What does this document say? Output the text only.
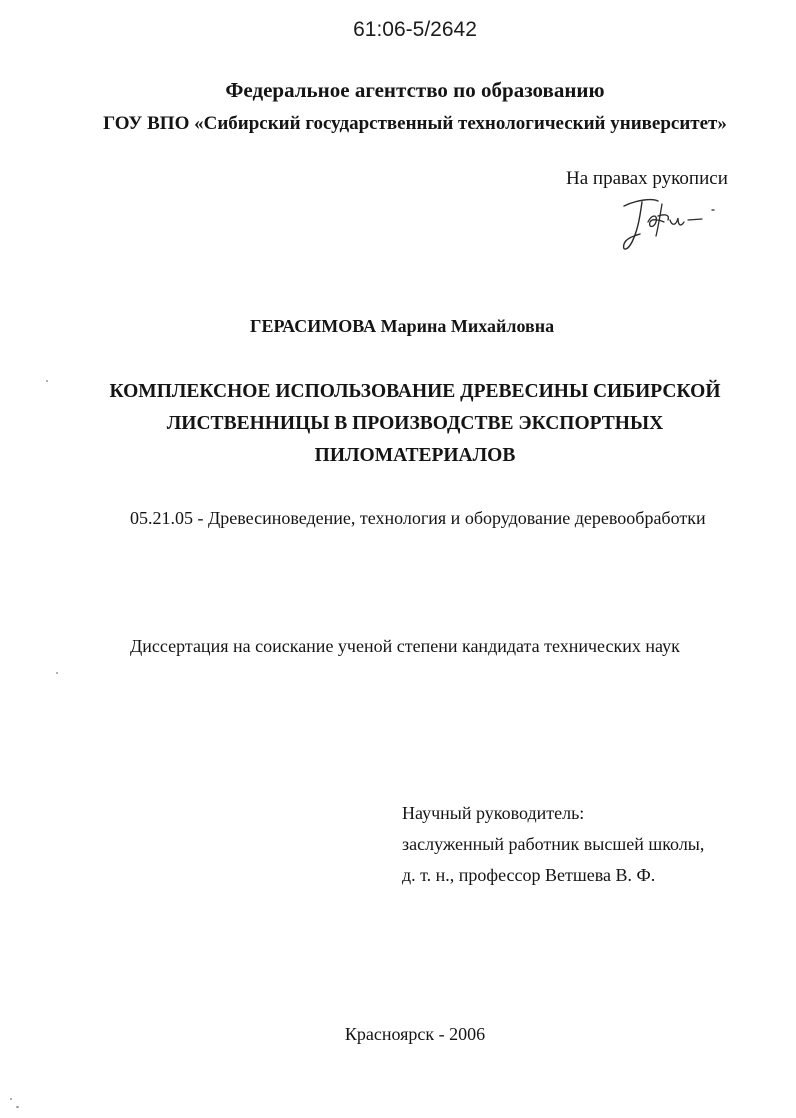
61:06-5/2642
Федеральное агентство по образованию
ГОУ ВПО «Сибирский государственный технологический университет»
На правах рукописи
ГЕРАСИМОВА Марина Михайловна
КОМПЛЕКСНОЕ ИСПОЛЬЗОВАНИЕ ДРЕВЕСИНЫ СИБИРСКОЙ
ЛИСТВЕННИЦЫ В ПРОИЗВОДСТВЕ ЭКСПОРТНЫХ
ПИЛОМАТЕРИАЛОВ
05.21.05 - Древесиноведение, технология и оборудование деревообработки
Диссертация на соискание ученой степени кандидата технических наук
Научный руководитель:
заслуженный работник высшей школы,
д. т. н., профессор Ветшева В. Ф.
Красноярск - 2006
